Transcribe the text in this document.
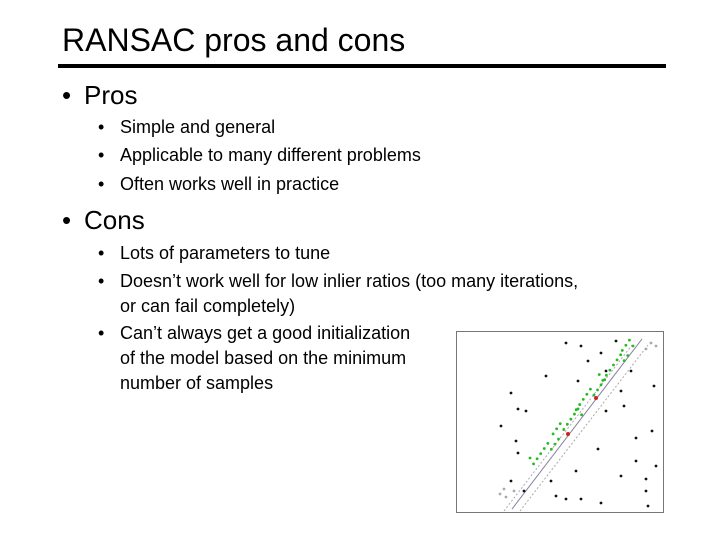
RANSAC pros and cons
• Pros
• Simple and general
• Applicable to many different problems
• Often works well in practice
• Cons
• Lots of parameters to tune
• Doesn’t work well for low inlier ratios (too many iterations,
or can fail completely)
• Can’t always get a good initialization
of the model based on the minimum
number of samples
